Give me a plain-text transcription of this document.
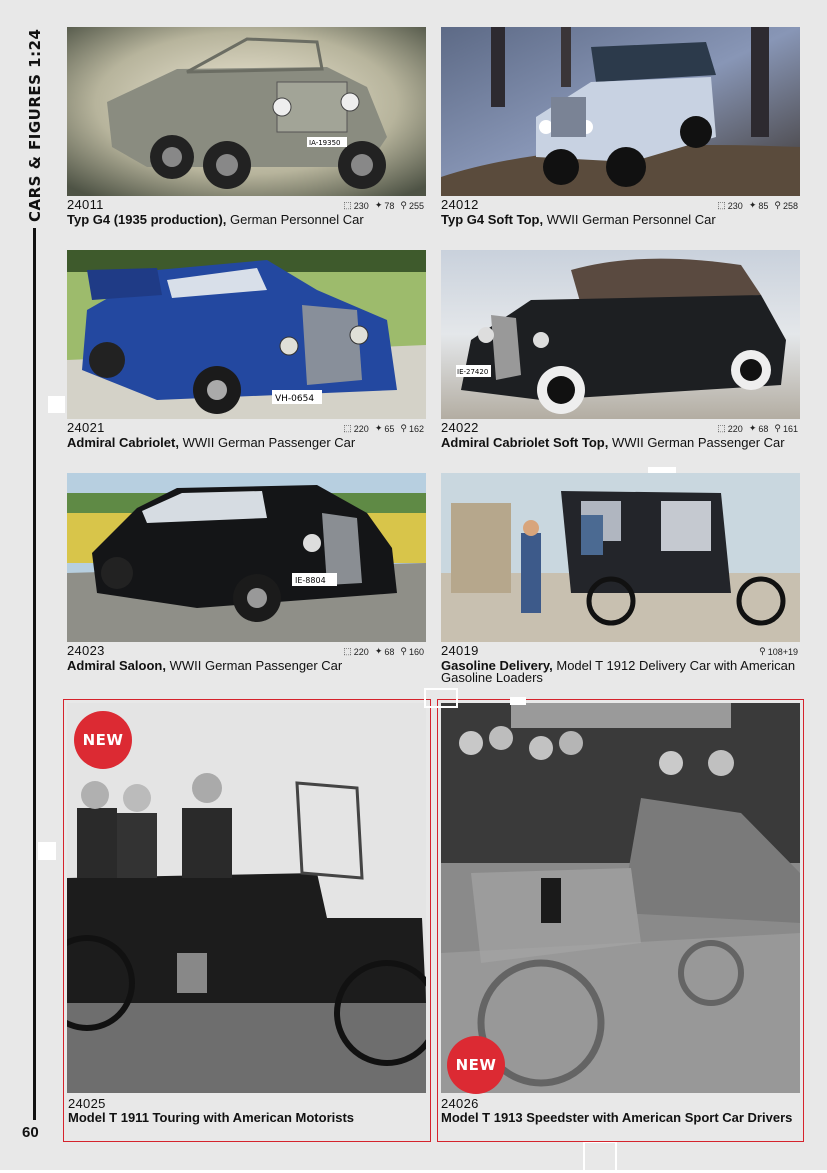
CARS & FIGURES 1:24
60
IA-19350
24011	⬚ 230 ✦ 78 ⚲ 255
Typ G4 (1935 production), German Personnel Car
24012	⬚ 230 ✦ 85 ⚲ 258
Typ G4 Soft Top, WWII German Personnel Car
VH-0654
24021	⬚ 220 ✦ 65 ⚲ 162
Admiral Cabriolet, WWII German Passenger Car
IE-27420
24022	⬚ 220 ✦ 68 ⚲ 161
Admiral Cabriolet Soft Top, WWII German Passenger Car
IE-8804
24023	⬚ 220 ✦ 68 ⚲ 160
Admiral Saloon, WWII German Passenger Car
24019	⚲ 108+19
Gasoline Delivery, Model T 1912 Delivery Car with American Gasoline Loaders
NEW
24025
Model T 1911 Touring with American Motorists
NEW
24026
Model T 1913 Speedster with American Sport Car Drivers
